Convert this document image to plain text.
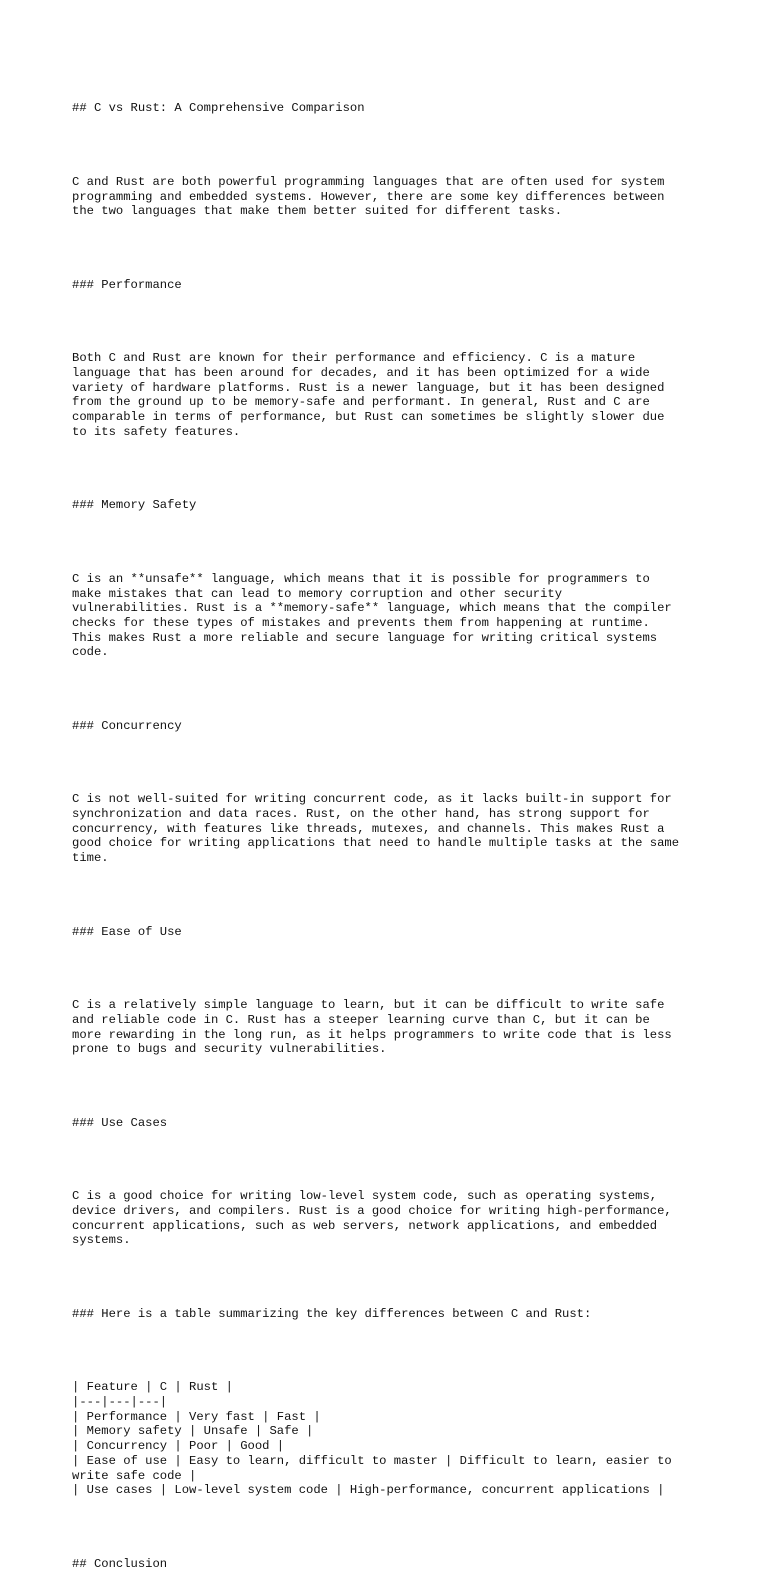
## C vs Rust: A Comprehensive Comparison

C and Rust are both powerful programming languages that are often used for system
programming and embedded systems. However, there are some key differences between
the two languages that make them better suited for different tasks.

### Performance

Both C and Rust are known for their performance and efficiency. C is a mature
language that has been around for decades, and it has been optimized for a wide
variety of hardware platforms. Rust is a newer language, but it has been designed
from the ground up to be memory-safe and performant. In general, Rust and C are
comparable in terms of performance, but Rust can sometimes be slightly slower due
to its safety features.

### Memory Safety

C is an **unsafe** language, which means that it is possible for programmers to
make mistakes that can lead to memory corruption and other security
vulnerabilities. Rust is a **memory-safe** language, which means that the compiler
checks for these types of mistakes and prevents them from happening at runtime.
This makes Rust a more reliable and secure language for writing critical systems
code.

### Concurrency

C is not well-suited for writing concurrent code, as it lacks built-in support for
synchronization and data races. Rust, on the other hand, has strong support for
concurrency, with features like threads, mutexes, and channels. This makes Rust a
good choice for writing applications that need to handle multiple tasks at the same
time.

### Ease of Use

C is a relatively simple language to learn, but it can be difficult to write safe
and reliable code in C. Rust has a steeper learning curve than C, but it can be
more rewarding in the long run, as it helps programmers to write code that is less
prone to bugs and security vulnerabilities.

### Use Cases

C is a good choice for writing low-level system code, such as operating systems,
device drivers, and compilers. Rust is a good choice for writing high-performance,
concurrent applications, such as web servers, network applications, and embedded
systems.

### Here is a table summarizing the key differences between C and Rust:

| Feature | C | Rust |
|---|---|---|
| Performance | Very fast | Fast |
| Memory safety | Unsafe | Safe |
| Concurrency | Poor | Good |
| Ease of use | Easy to learn, difficult to master | Difficult to learn, easier to
write safe code |
| Use cases | Low-level system code | High-performance, concurrent applications |

## Conclusion
